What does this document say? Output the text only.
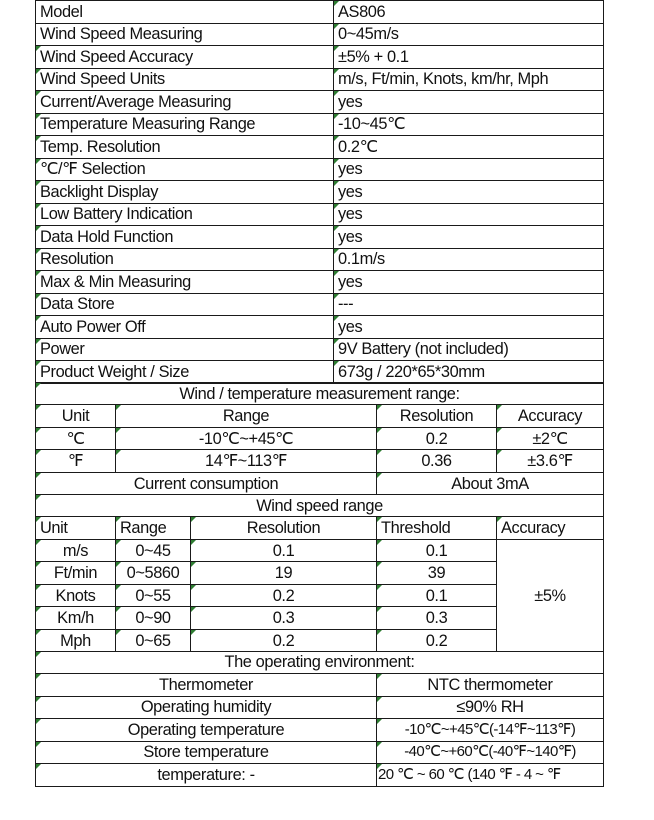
Model	AS806
Wind Speed Measuring	0~45m/s
Wind Speed Accuracy	±5% + 0.1
Wind Speed Units	m/s, Ft/min, Knots, km/hr, Mph
Current/Average Measuring	yes
Temperature Measuring Range	-10~45℃
Temp. Resolution	0.2℃
℃/℉ Selection	yes
Backlight Display	yes
Low Battery Indication	yes
Data Hold Function	yes
Resolution	0.1m/s
Max & Min Measuring	yes
Data Store	---
Auto Power Off	yes
Power	9V Battery (not included)
Product Weight / Size	673g / 220*65*30mm
Wind / temperature measurement range:			
Unit	Range	Resolution	Accuracy
℃	-10℃~+45℃	0.2	±2℃
℉	14℉~113℉	0.36	±3.6℉
Current consumption		About 3mA	
Wind speed range				
Unit	Range	Resolution	Threshold	Accuracy
m/s	0~45	0.1	0.1	±5%
Ft/min	0~5860	19	39	
Knots	0~55	0.2	0.1	
Km/h	0~90	0.3	0.3	
Mph	0~65	0.2	0.2	
The operating environment:	
Thermometer	NTC thermometer
Operating humidity	≤90% RH
Operating temperature	-10℃~+45℃(-14℉~113℉)
Store temperature	-40℃~+60℃(-40℉~140℉)
temperature: -	20 ℃ ~ 60 ℃ (140 ℉ - 4 ~ ℉
